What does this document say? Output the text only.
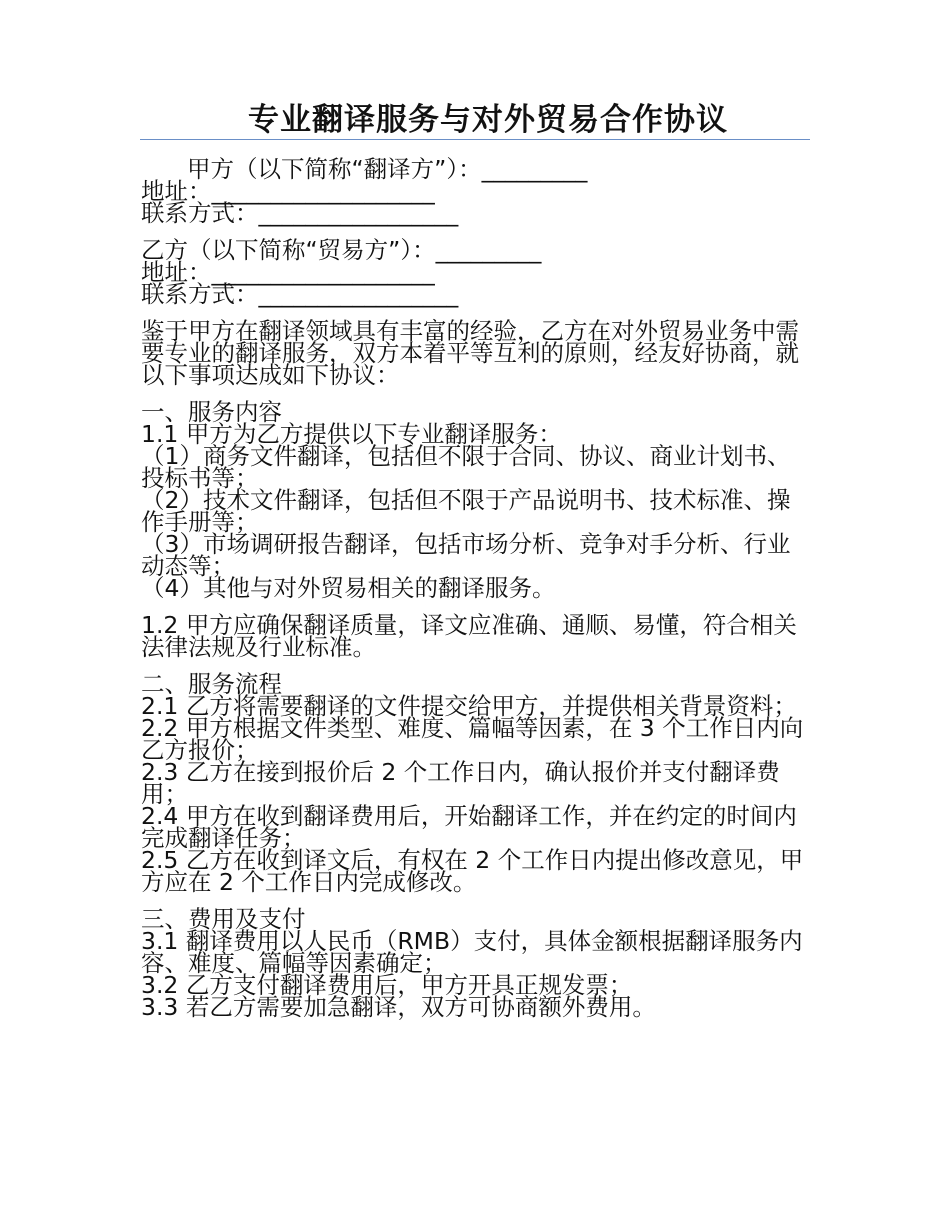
专业翻译服务与对外贸易合作协议

甲方（以下简称“翻译方”）：_________

地址：___________________

联系方式：_________________

乙方（以下简称“贸易方”）：_________

地址：___________________

联系方式：_________________

鉴于甲方在翻译领域具有丰富的经验，乙方在对外贸易业务中需要专业的翻译服务，双方本着平等互利的原则，经友好协商，就以下事项达成如下协议：

一、服务内容

1.1 甲方为乙方提供以下专业翻译服务：

（1）商务文件翻译，包括但不限于合同、协议、商业计划书、投标书等；

（2）技术文件翻译，包括但不限于产品说明书、技术标准、操作手册等；

（3）市场调研报告翻译，包括市场分析、竞争对手分析、行业动态等；

（4）其他与对外贸易相关的翻译服务。

1.2 甲方应确保翻译质量，译文应准确、通顺、易懂，符合相关法律法规及行业标准。

二、服务流程

2.1 乙方将需要翻译的文件提交给甲方，并提供相关背景资料；

2.2 甲方根据文件类型、难度、篇幅等因素，在 3 个工作日内向乙方报价；

2.3 乙方在接到报价后 2 个工作日内，确认报价并支付翻译费用；

2.4 甲方在收到翻译费用后，开始翻译工作，并在约定的时间内完成翻译任务；

2.5 乙方在收到译文后，有权在 2 个工作日内提出修改意见，甲方应在 2 个工作日内完成修改。

三、费用及支付

3.1 翻译费用以人民币（RMB）支付，具体金额根据翻译服务内容、难度、篇幅等因素确定；

3.2 乙方支付翻译费用后，甲方开具正规发票；

3.3 若乙方需要加急翻译，双方可协商额外费用。
